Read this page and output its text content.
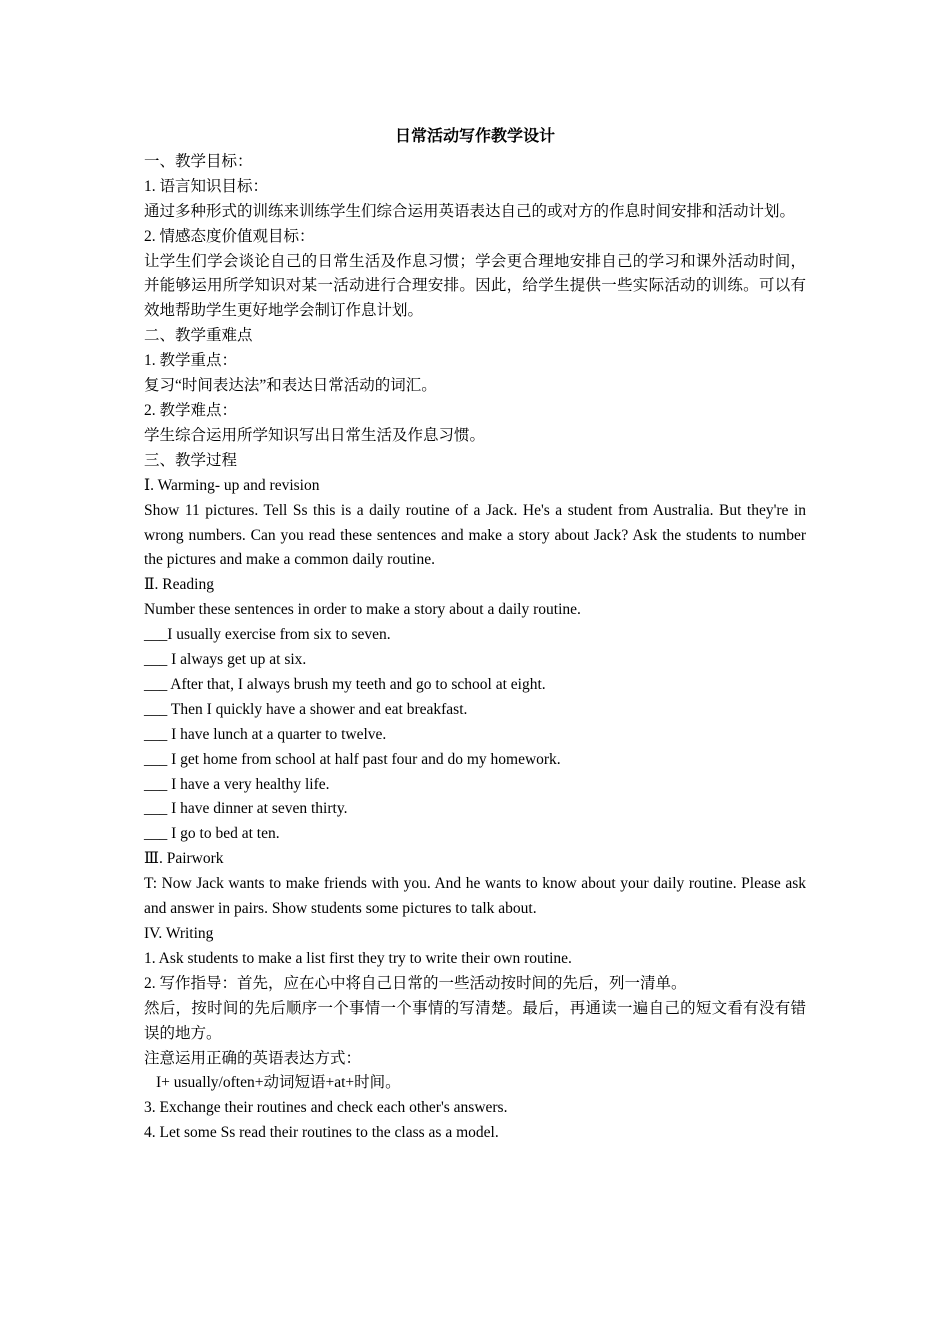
日常活动写作教学设计

一、教学目标：

1. 语言知识目标：

通过多种形式的训练来训练学生们综合运用英语表达自己的或对方的作息时间安排和活动计划。

2. 情感态度价值观目标：

让学生们学会谈论自己的日常生活及作息习惯；学会更合理地安排自己的学习和课外活动时间，并能够运用所学知识对某一活动进行合理安排。因此，给学生提供一些实际活动的训练。可以有效地帮助学生更好地学会制订作息计划。

二、教学重难点

1. 教学重点：

复习“时间表达法”和表达日常活动的词汇。

2. 教学难点：

学生综合运用所学知识写出日常生活及作息习惯。

三、教学过程

Ⅰ. Warming- up and revision

Show 11 pictures. Tell Ss this is a daily routine of a Jack. He's a student from Australia. But they're in wrong numbers. Can you read these sentences and make a story about Jack? Ask the students to number the pictures and make a common daily routine.

Ⅱ. Reading

Number these sentences in order to make a story about a daily routine.

___I usually exercise from six to seven.

___ I always get up at six.

___ After that, I always brush my teeth and go to school at eight.

___ Then I quickly have a shower and eat breakfast.

___ I have lunch at a quarter to twelve.

___ I get home from school at half past four and do my homework.

___ I have a very healthy life.

___ I have dinner at seven thirty.

___ I go to bed at ten.

Ⅲ. Pairwork

T: Now Jack wants to make friends with you. And he wants to know about your daily routine. Please ask and answer in pairs. Show students some pictures to talk about.

IV. Writing

1. Ask students to make a list first they try to write their own routine.

2. 写作指导：首先，应在心中将自己日常的一些活动按时间的先后，列一清单。

然后，按时间的先后顺序一个事情一个事情的写清楚。最后，再通读一遍自己的短文看有没有错误的地方。

注意运用正确的英语表达方式：

I+ usually/often+动词短语+at+时间。

3. Exchange their routines and check each other's answers.

4. Let some Ss read their routines to the class as a model.
